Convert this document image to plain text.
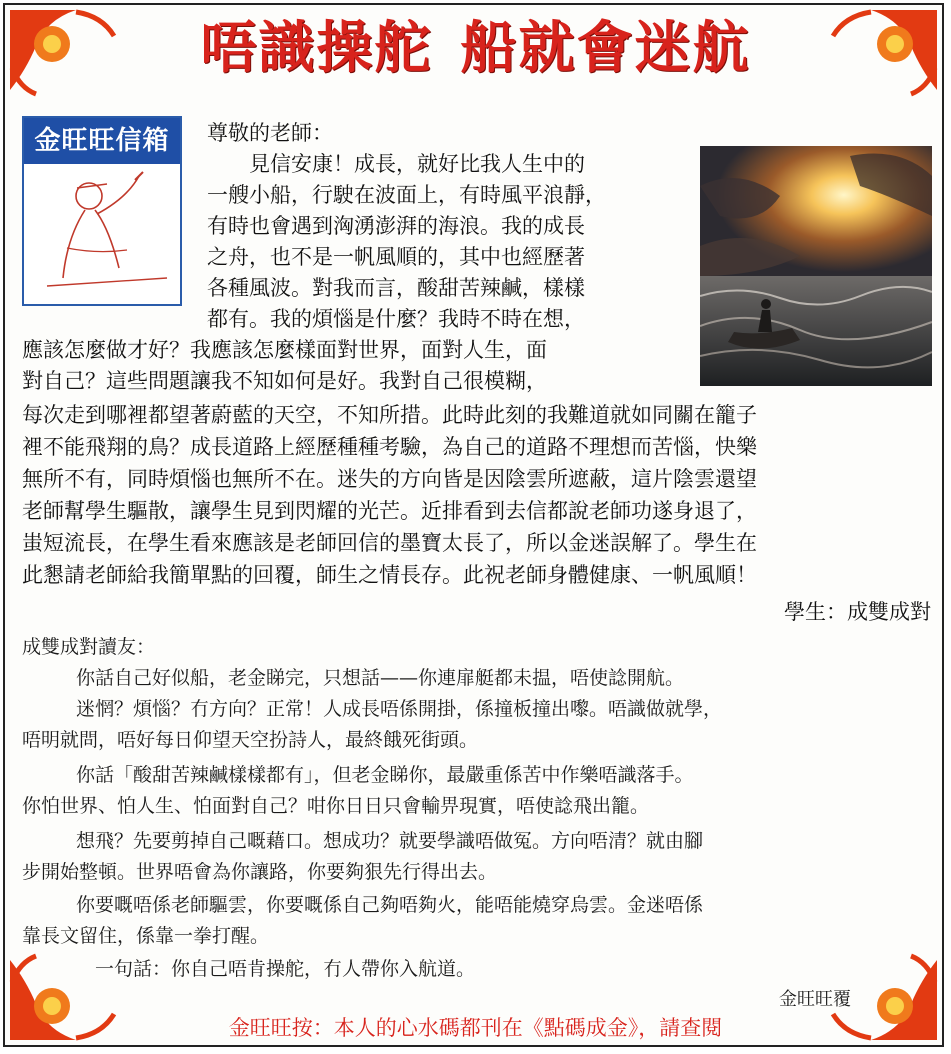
唔識操舵 船就會迷航
金旺旺信箱	尊敬的老師：
　　見信安康！成長，就好比我人生中的
一艘小船，行駛在波面上，有時風平浪靜，
有時也會遇到洶湧澎湃的海浪。我的成長
之舟，也不是一帆風順的，其中也經歷著
各種風波。對我而言，酸甜苦辣鹹，樣樣
都有。我的煩惱是什麼？我時不時在想，
應該怎麼做才好？我應該怎麼樣面對世界，面對人生，面
對自己？這些問題讓我不知如何是好。我對自己很模糊，
每次走到哪裡都望著蔚藍的天空，不知所措。此時此刻的我難道就如同關在籠子
裡不能飛翔的鳥？成長道路上經歷種種考驗，為自己的道路不理想而苦惱，快樂
無所不有，同時煩惱也無所不在。迷失的方向皆是因陰雲所遮蔽，這片陰雲還望
老師幫學生驅散，讓學生見到閃耀的光芒。近排看到去信都說老師功遂身退了，
蚩短流長，在學生看來應該是老師回信的墨寶太長了，所以金迷誤解了。學生在
此懇請老師給我簡單點的回覆，師生之情長存。此祝老師身體健康、一帆風順！
學生：成雙成對
成雙成對讀友：
你話自己好似船，老金睇完，只想話——你連扉艇都未揾，唔使諗開航。
迷惘？煩惱？冇方向？正常！人成長唔係開掛，係撞板撞出嚟。唔識做就學，
唔明就問，唔好每日仰望天空扮詩人，最終餓死街頭。
你話「酸甜苦辣鹹樣樣都有」，但老金睇你，最嚴重係苦中作樂唔識落手。
你怕世界、怕人生、怕面對自己？咁你日日只會輸畀現實，唔使諗飛出籠。
想飛？先要剪掉自己嘅藉口。想成功？就要學識唔做冤。方向唔清？就由腳
步開始整頓。世界唔會為你讓路，你要夠狠先行得出去。
你要嘅唔係老師驅雲，你要嘅係自己夠唔夠火，能唔能燒穿烏雲。金迷唔係
靠長文留住，係靠一拳打醒。
　一句話：你自己唔肯操舵，冇人帶你入航道。
金旺旺覆
金旺旺按：本人的心水碼都刊在《點碼成金》，請查閱
